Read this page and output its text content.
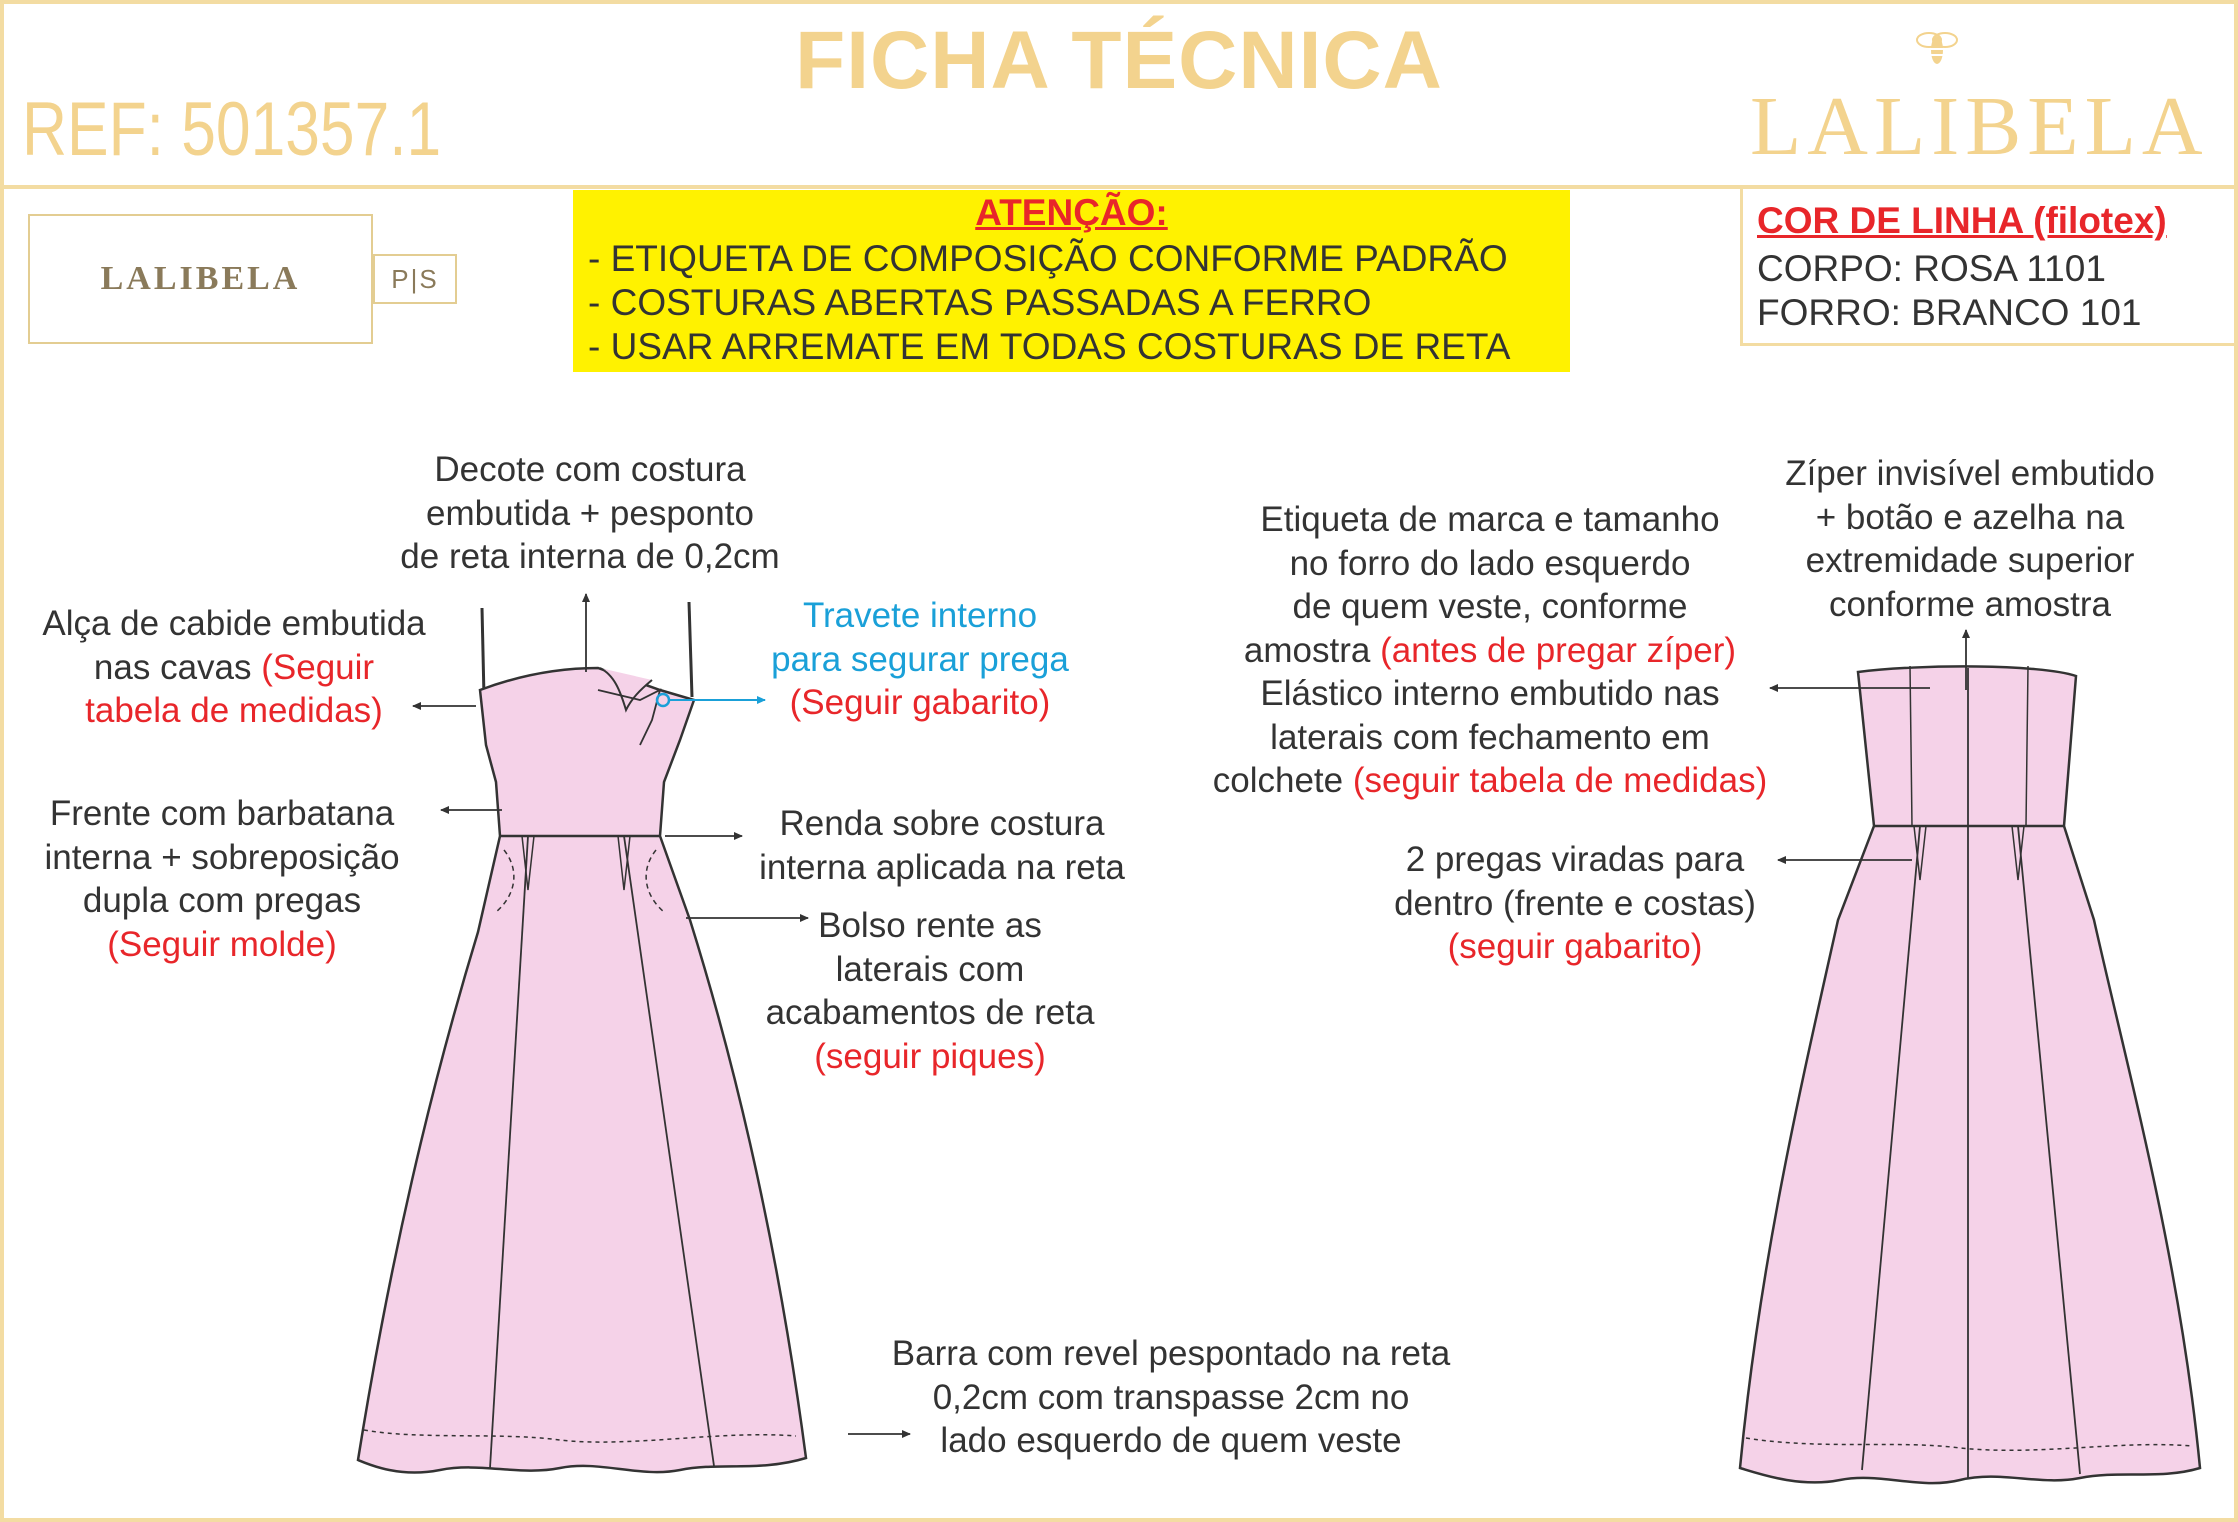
FICHA TÉCNICA
REF: 501357.1	LALIBELA
LALIBELA	P|S
ATENÇÃO:
- ETIQUETA DE COMPOSIÇÃO CONFORME PADRÃO
- COSTURAS ABERTAS PASSADAS A FERRO
- USAR ARREMATE EM TODAS COSTURAS DE RETA
COR DE LINHA (filotex)
CORPO: ROSA 1101
FORRO: BRANCO 101
Decote com costura
embutida + pesponto
de reta interna de 0,2cm
Alça de cabide embutida
nas cavas (Seguir
tabela de medidas)
Travete interno
para segurar prega
(Seguir gabarito)
Frente com barbatana
interna + sobreposição
dupla com pregas
(Seguir molde)
Renda sobre costura
interna aplicada na reta
Bolso rente as
laterais com
acabamentos de reta
(seguir piques)
Barra com revel pespontado na reta
0,2cm com transpasse 2cm no
lado esquerdo de quem veste
Etiqueta de marca e tamanho
no forro do lado esquerdo
de quem veste, conforme
amostra (antes de pregar zíper)
Elástico interno embutido nas
laterais com fechamento em
colchete (seguir tabela de medidas)
Zíper invisível embutido
+ botão e azelha na
extremidade superior
conforme amostra
2 pregas viradas para
dentro (frente e costas)
(seguir gabarito)
